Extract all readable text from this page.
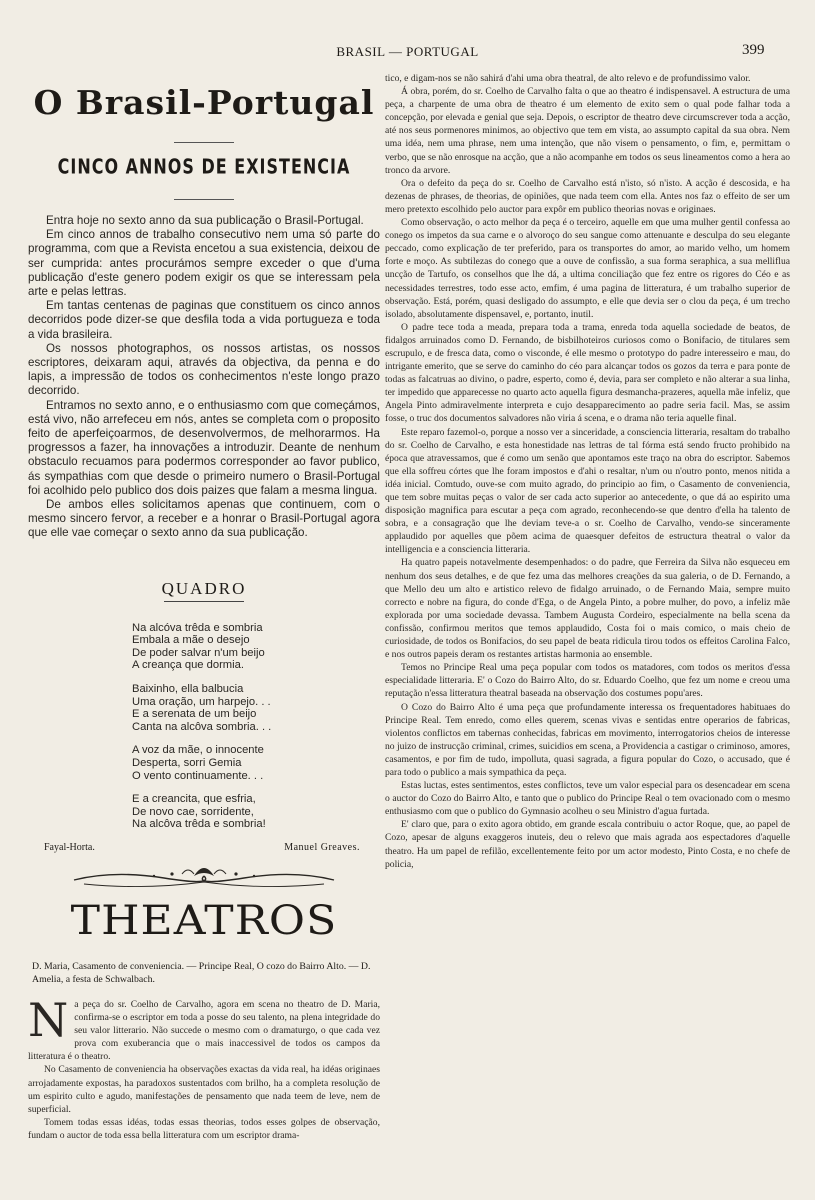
BRASIL — PORTUGAL	399
O Brasil-Portugal
CINCO ANNOS DE EXISTENCIA

Entra hoje no sexto anno da sua publicação o Brasil-Portugal.

Em cinco annos de trabalho consecutivo nem uma só parte do programma, com que a Revista encetou a sua existencia, deixou de ser cumprida: antes procurámos sempre exceder o que d'uma publicação d'este genero podem exigir os que se interessam pela arte e pelas lettras.

Em tantas centenas de paginas que constituem os cinco annos decorridos pode dizer-se que desfila toda a vida portugueza e toda a vida brasileira.

Os nossos photographos, os nossos artistas, os nossos escriptores, deixaram aqui, através da objectiva, da penna e do lapis, a impressão de todos os conhecimentos n'este longo prazo decorrido.

Entramos no sexto anno, e o enthusiasmo com que começámos, está vivo, não arrefeceu em nós, antes se completa com o proposito feito de aperfeiçoarmos, de desenvolvermos, de melhorarmos. Ha progressos a fazer, ha innovações a introduzir. Deante de nenhum obstaculo recuamos para podermos corresponder ao favor publico, ás sympathias com que desde o primeiro numero o Brasil-Portugal foi acolhido pelo publico dos dois paizes que falam a mesma lingua.

De ambos elles solicitamos apenas que continuem, com o mesmo sincero fervor, a receber e a honrar o Brasil-Portugal agora que elle vae começar o sexto anno da sua publicação.

QUADRO
Na alcóva trêda e sombria
Embala a mãe o desejo
De poder salvar n'um beijo
A creança que dormia.
Baixinho, ella balbucia
Uma oração, um harpejo. . .
E a serenata de um beijo
Canta na alcôva sombria. . .
A voz da mãe, o innocente
Desperta, sorri Gemia
O vento continuamente. . .
E a creancita, que esfria,
De novo cae, sorridente,
Na alcôva trêda e sombria!
Fayal-Horta.	Manuel Greaves.
THEATROS
D. Maria, Casamento de conveniencia. — Principe Real, O cozo do Bairro Alto. — D. Amelia, a festa de Schwalbach.
N a peça do sr. Coelho de Carvalho, agora em scena no theatro de D. Maria, confirma-se o escriptor em toda a posse do seu talento, na plena integridade do seu valor litterario. Não succede o mesmo com o dramaturgo, o que cada vez prova com exuberancia que o mais inaccessivel de todos os campos da litteratura é o theatro.

No Casamento de conveniencia ha observações exactas da vida real, ha idéas originaes arrojadamente expostas, ha paradoxos sustentados com brilho, ha a completa resolução de um espirito culto e agudo, manifestações de pensamento que nada teem de leve, nem de superficial.

Tomem todas essas idéas, todas essas theorias, todos esses golpes de observação, fundam o auctor de toda essa bella litteratura com um escriptor drama-

tico, e digam-nos se não sahirá d'ahi uma obra theatral, de alto relevo e de profundissimo valor.

Á obra, porém, do sr. Coelho de Carvalho falta o que ao theatro é indispensavel. A estructura de uma peça, a charpente de uma obra de theatro é um elemento de exito sem o qual pode falhar toda a concepção, por elevada e genial que seja. Depois, o escriptor de theatro deve circumscrever toda a acção, até nos seus pormenores minimos, ao objectivo que tem em vista, ao assumpto capital da sua obra. Nem uma idéa, nem uma phrase, nem uma intenção, que não visem o pensamento, o fim, e, permittam o verbo, que se não enrosque na acção, que a não acompanhe em todos os seus lineamentos como a hera ao tronco da arvore.

Ora o defeito da peça do sr. Coelho de Carvalho está n'isto, só n'isto. A acção é descosida, e ha dezenas de phrases, de theorias, de opiniões, que nada teem com ella. Antes nos faz o effeito de ser um mero pretexto escolhido pelo auctor para expôr em publico theorias novas e originaes.

Como observação, o acto melhor da peça é o terceiro, aquelle em que uma mulher gentil confessa ao conego os impetos da sua carne e o alvoroço do seu sangue como attenuante e desculpa do seu elegante peccado, como explicação de ter preferido, para os transportes do amor, ao marido velho, um homem forte e moço. As subtilezas do conego que a ouve de confissão, a sua forma seraphica, a sua melliflua uncção de Tartufo, os conselhos que lhe dá, a ultima conciliação que fez entre os rigores do Céo e as necessidades terrestres, todo esse acto, emfim, é uma pagina de litteratura, é um trabalho superior de observação. Está, porém, quasi desligado do assumpto, e elle que devia ser o clou da peça, é um trecho isolado, absolutamente dispensavel, e, portanto, inutil.

O padre tece toda a meada, prepara toda a trama, enreda toda aquella sociedade de beatos, de fidalgos arruinados como D. Fernando, de bisbilhoteiros curiosos como o Bonifacio, de titulares sem escrupulo, e de fresca data, como o visconde, é elle mesmo o prototypo do padre interesseiro e mau, do intrigante emerito, que se serve do caminho do céo para alcançar todos os gozos da terra e para ponte de todas as falcatruas ao divino, o padre, esperto, como é, devia, para ser completo e não alterar a sua linha, ter impedido que apparecesse no quarto acto aquella figura desmancha-prazeres, aquella mãe infeliz, que Angela Pinto admiravelmente interpreta e cujo desapparecimento ao padre seria facil. Mas, se assim fosse, o truc dos documentos salvadores não viria á scena, e o drama não teria aquelle final.

Este reparo fazemol-o, porque a nosso ver a sinceridade, a consciencia litteraria, resaltam do trabalho do sr. Coelho de Carvalho, e esta honestidade nas lettras de tal fórma está sendo fructo prohibido na época que atravessamos, que é como um senão que apontamos este traço na obra do escriptor. Sabemos que ella soffreu córtes que lhe foram impostos e d'ahi o resaltar, n'um ou n'outro ponto, menos nitida a idéa inicial. Comtudo, ouve-se com muito agrado, do principio ao fim, o Casamento de conveniencia, que tem sobre muitas peças o valor de ser cada acto superior ao antecedente, o que dá ao espirito uma disposição magnifica para escutar a peça com agrado, reconhecendo-se que dentro d'ella ha talento de sobra, e a consagração que lhe deviam teve-a o sr. Coelho de Carvalho, vendo-se sinceramente applaudido por aquelles que põem acima de quaesquer defeitos de estructura theatral o valor da intelligencia e a consciencia litteraria.

Ha quatro papeis notavelmente desempenhados: o do padre, que Ferreira da Silva não esqueceu em nenhum dos seus detalhes, e de que fez uma das melhores creações da sua galeria, o de D. Fernando, a que Mello deu um alto e artistico relevo de fidalgo arruinado, o de Fernando Maia, sempre muito correcto e nobre na figura, do conde d'Ega, o de Angela Pinto, a pobre mulher, do povo, a infeliz mãe explorada por uma sociedade devassa. Tambem Augusta Cordeiro, especialmente na bella scena da confissão, confirmou meritos que temos applaudido, Costa foi o mais comico, o mais cheio de curiosidade, de todos os Bonifacios, do seu papel de beata ridicula tirou todos os effeitos Carolina Falco, e nos outros papeis deram os restantes artistas harmonia ao ensemble.

Temos no Principe Real uma peça popular com todos os matadores, com todos os meritos d'essa especialidade litteraria. E' o Cozo do Bairro Alto, do sr. Eduardo Coelho, que fez um nome e creou uma reputação n'essa litteratura theatral baseada na observação dos costumes popu'ares.

O Cozo do Bairro Alto é uma peça que profundamente interessa os frequentadores habituaes do Principe Real. Tem enredo, como elles querem, scenas vivas e sentidas entre operarios de fabricas, violentos conflictos em tabernas conhecidas, fabricas em movimento, interrogatorios cheios de interesse no juizo de instrucção criminal, crimes, suicidios em scena, a Providencia a castigar o criminoso, amores, casamentos, e por fim de tudo, impolluta, quasi sagrada, a figura popular do Cozo, o accusado, que é para todo o publico a mais sympathica da peça.

Estas luctas, estes sentimentos, estes conflictos, teve um valor especial para os desencadear em scena o auctor do Cozo do Bairro Alto, e tanto que o publico do Principe Real o tem ovacionado com o mesmo enthusiasmo com que o publico do Gymnasio acolheu o seu Ministro d'agua furtada.

E' claro que, para o exito agora obtido, em grande escala contribuiu o actor Roque, que, ao papel de Cozo, apesar de alguns exaggeros inuteis, deu o relevo que mais agrada aos espectadores d'aquelle theatro. Ha um papel de refilão, excellentemente feito por um actor modesto, Pinto Costa, e no chefe de policia,
